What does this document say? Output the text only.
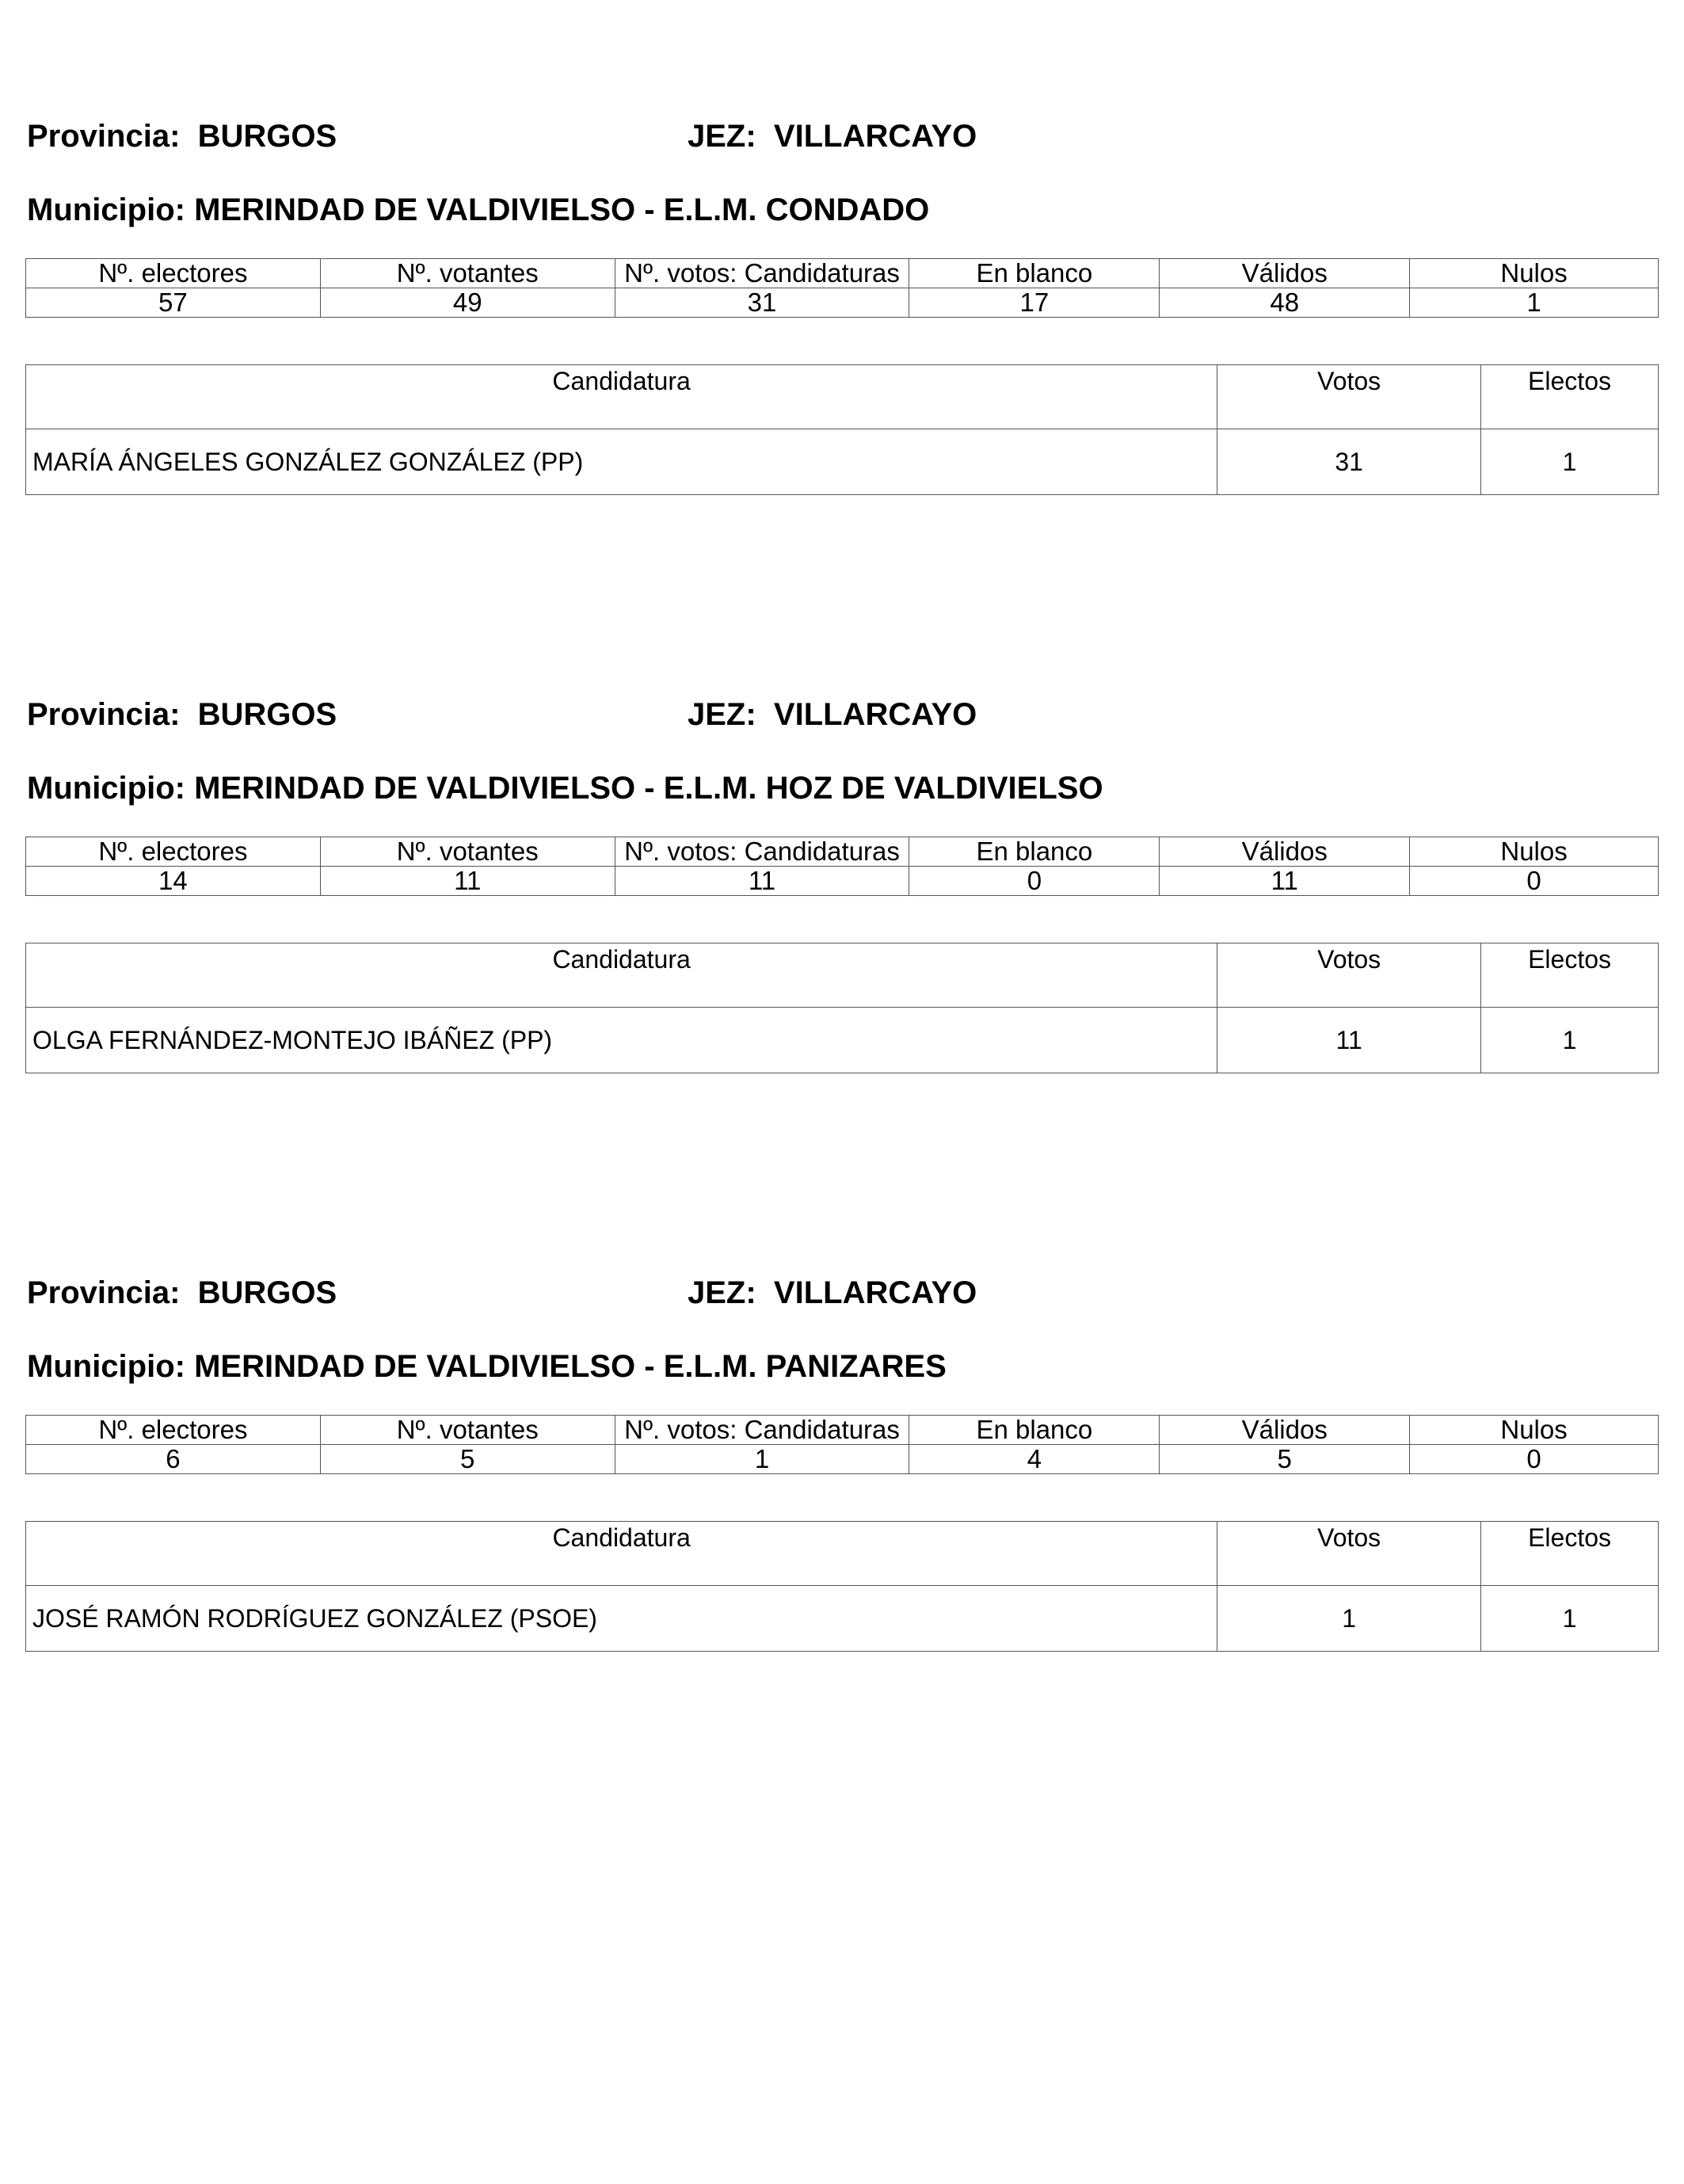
Provincia: BURGOS	JEZ: VILLARCAYO
Municipio: MERINDAD DE VALDIVIELSO - E.L.M. CONDADO
Nº. electores	Nº. votantes	Nº. votos: Candidaturas	En blanco	Válidos	Nulos
57	49	31	17	48	1
Candidatura	Votos	Electos
MARÍA ÁNGELES GONZÁLEZ GONZÁLEZ (PP)	31	1
Provincia: BURGOS	JEZ: VILLARCAYO
Municipio: MERINDAD DE VALDIVIELSO - E.L.M. HOZ DE VALDIVIELSO
Nº. electores	Nº. votantes	Nº. votos: Candidaturas	En blanco	Válidos	Nulos
14	11	11	0	11	0
Candidatura	Votos	Electos
OLGA FERNÁNDEZ-MONTEJO IBÁÑEZ (PP)	11	1
Provincia: BURGOS	JEZ: VILLARCAYO
Municipio: MERINDAD DE VALDIVIELSO - E.L.M. PANIZARES
Nº. electores	Nº. votantes	Nº. votos: Candidaturas	En blanco	Válidos	Nulos
6	5	1	4	5	0
Candidatura	Votos	Electos
JOSÉ RAMÓN RODRÍGUEZ GONZÁLEZ (PSOE)	1	1
